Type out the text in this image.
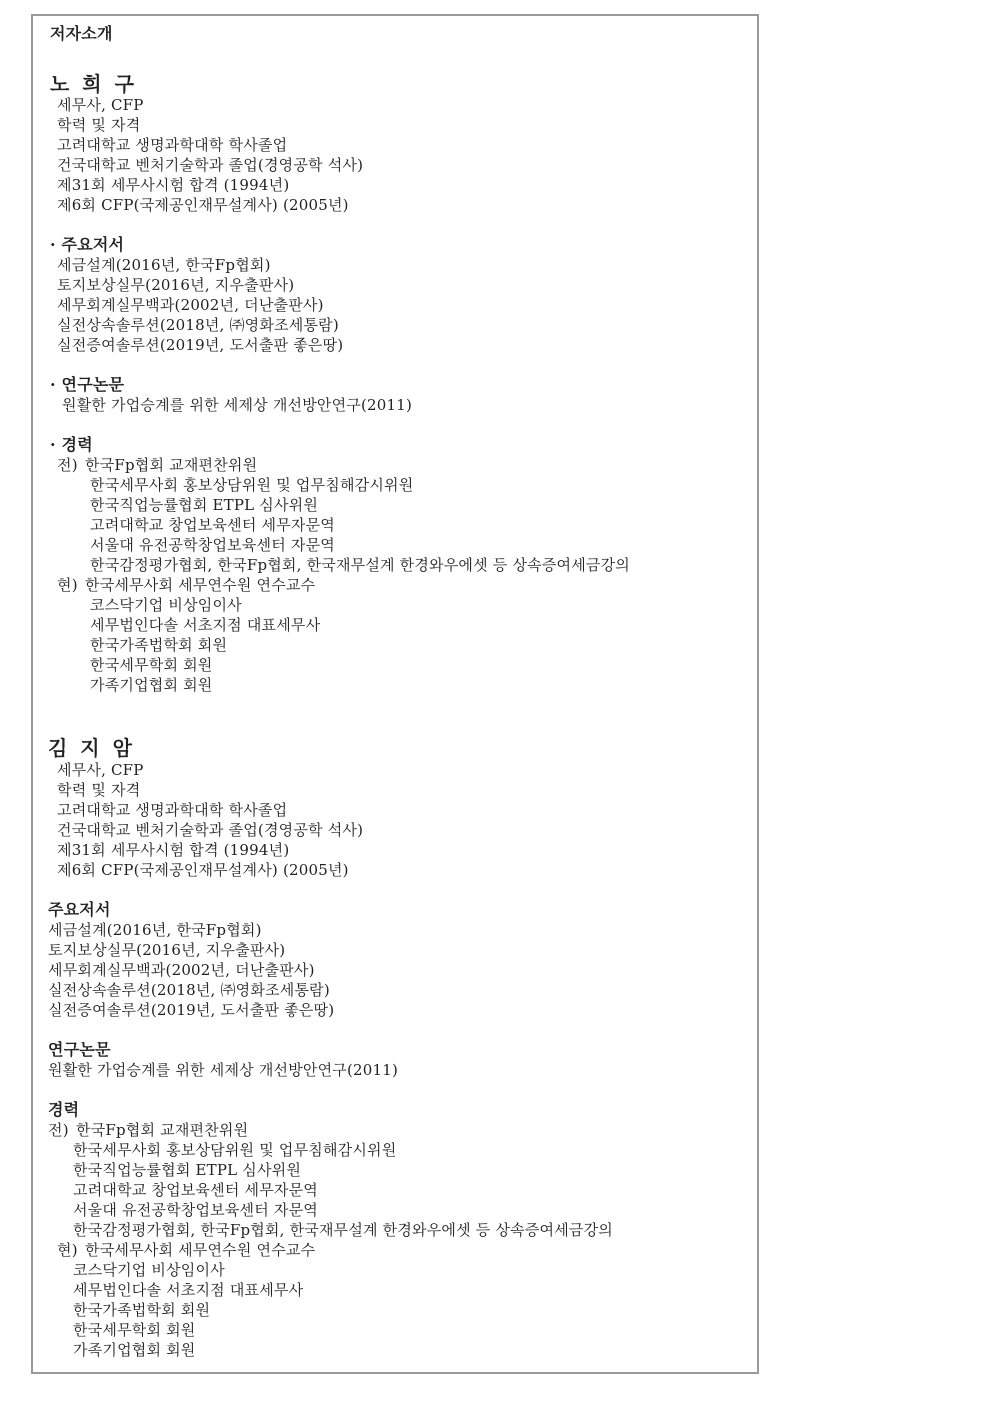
저자소개
노 희 구
세무사, CFP
학력 및 자격
고려대학교 생명과학대학 학사졸업
건국대학교 벤처기술학과 졸업(경영공학 석사)
제31회 세무사시험 합격 (1994년)
제6회 CFP(국제공인재무설계사) (2005년)
· 주요저서
세금설계(2016년, 한국Fp협회)
토지보상실무(2016년, 지우출판사)
세무회계실무백과(2002년, 더난출판사)
실전상속솔루션(2018년, ㈜영화조세통람)
실전증여솔루션(2019년, 도서출판 좋은땅)
· 연구논문
원활한 가업승계를 위한 세제상 개선방안연구(2011)
· 경력
전) 한국Fp협회 교재편찬위원
한국세무사회 홍보상담위원 및 업무침해감시위원
한국직업능률협회 ETPL 심사위원
고려대학교 창업보육센터 세무자문역
서울대 유전공학창업보육센터 자문역
한국감정평가협회, 한국Fp협회, 한국재무설계 한경와우에셋 등 상속증여세금강의
현) 한국세무사회 세무연수원 연수교수
코스닥기업 비상임이사
세무법인다솔 서초지점 대표세무사
한국가족법학회 회원
한국세무학회 회원
가족기업협회 회원
김 지 암
세무사, CFP
학력 및 자격
고려대학교 생명과학대학 학사졸업
건국대학교 벤처기술학과 졸업(경영공학 석사)
제31회 세무사시험 합격 (1994년)
제6회 CFP(국제공인재무설계사) (2005년)
주요저서
세금설계(2016년, 한국Fp협회)
토지보상실무(2016년, 지우출판사)
세무회계실무백과(2002년, 더난출판사)
실전상속솔루션(2018년, ㈜영화조세통람)
실전증여솔루션(2019년, 도서출판 좋은땅)
연구논문
원활한 가업승계를 위한 세제상 개선방안연구(2011)
경력
전) 한국Fp협회 교재편찬위원
한국세무사회 홍보상담위원 및 업무침해감시위원
한국직업능률협회 ETPL 심사위원
고려대학교 창업보육센터 세무자문역
서울대 유전공학창업보육센터 자문역
한국감정평가협회, 한국Fp협회, 한국재무설계 한경와우에셋 등 상속증여세금강의
현) 한국세무사회 세무연수원 연수교수
코스닥기업 비상임이사
세무법인다솔 서초지점 대표세무사
한국가족법학회 회원
한국세무학회 회원
가족기업협회 회원
